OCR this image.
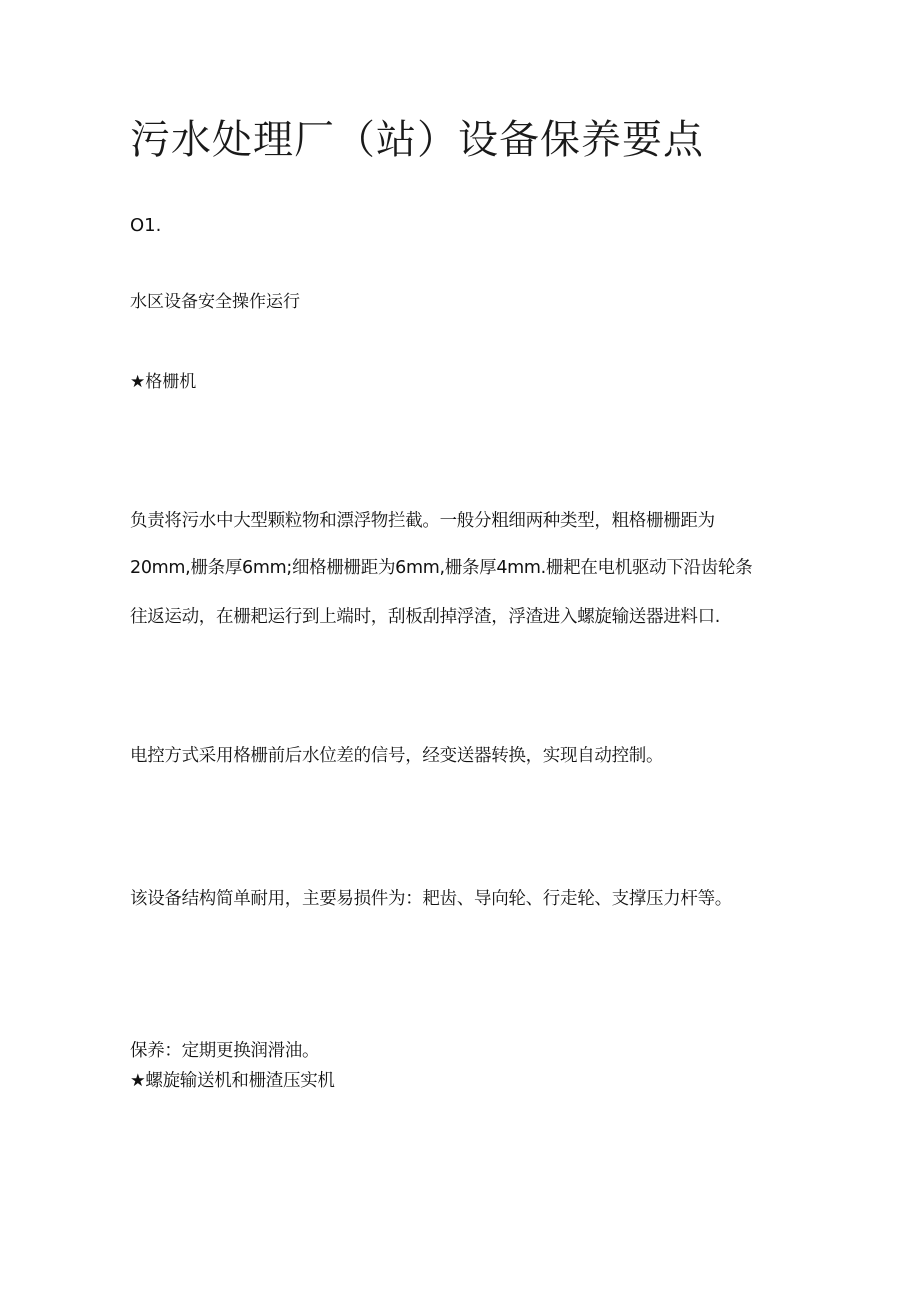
污水处理厂（站）设备保养要点
O1.
水区设备安全操作运行
★格栅机
负责将污水中大型颗粒物和漂浮物拦截。一般分粗细两种类型，粗格栅栅距为
20mm,栅条厚6mm;细格栅栅距为6mm,栅条厚4mm.栅耙在电机驱动下沿齿轮条
往返运动，在栅耙运行到上端时，刮板刮掉浮渣，浮渣进入螺旋输送器进料口.
电控方式采用格栅前后水位差的信号，经变送器转换，实现自动控制。
该设备结构简单耐用，主要易损件为：耙齿、导向轮、行走轮、支撑压力杆等。
保养：定期更换润滑油。
★螺旋输送机和栅渣压实机
